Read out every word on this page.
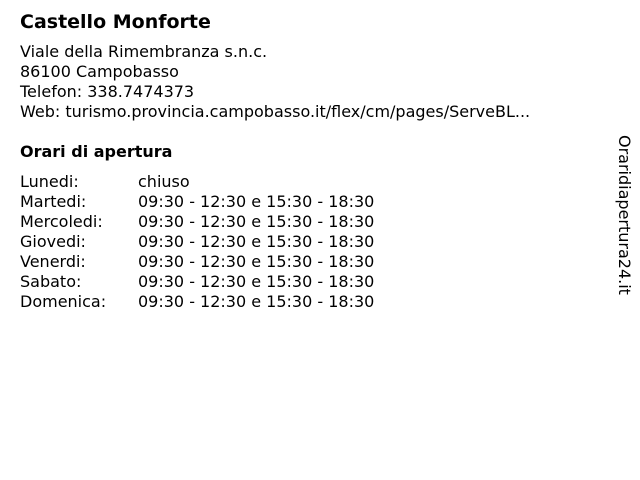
Castello Monforte
Viale della Rimembranza s.n.c.
86100 Campobasso
Telefon: 338.7474373
Web: turismo.provincia.campobasso.it/flex/cm/pages/ServeBL...
Orari di apertura
Lunedi:	chiuso
Martedi:	09:30 - 12:30 e 15:30 - 18:30
Mercoledi:	09:30 - 12:30 e 15:30 - 18:30
Giovedi:	09:30 - 12:30 e 15:30 - 18:30
Venerdi:	09:30 - 12:30 e 15:30 - 18:30
Sabato:	09:30 - 12:30 e 15:30 - 18:30
Domenica:	09:30 - 12:30 e 15:30 - 18:30
Oraridiapertura24.it
